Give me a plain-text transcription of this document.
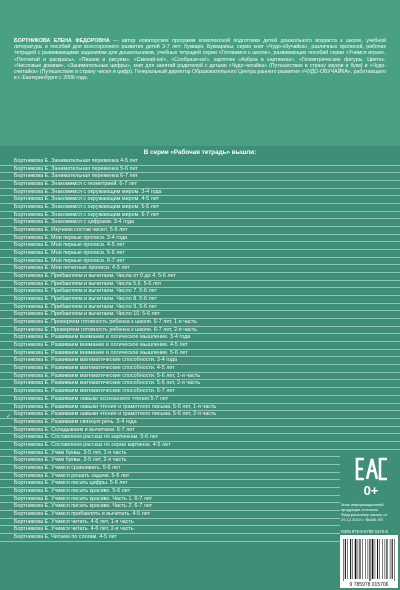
БОРТНИКОВА ЕЛЕНА ФЕДОРОВНА — автор новаторских программ комплексной подготовки детей дошкольного возраста к школе, учебной литературы и пособий для всестороннего развития детей 3-7 лет: букваря, Букварины, серии книг «Чудо-обучайка», различных прописей, рабочих тетрадей с развивающими заданиями для дошкольников, учебных тетрадей серии «Готовимся к школе», развивающих пособий серии «Учимся играя», «Посчитай и раскрась», «Пишем и рисуем», «Смекай-ка!», «Сообрази-ка!», карточек «Азбука в картинках», «Геометрические фигуры. Цвета», «Числовые домики», «Занимательные цифры», книг для занятий родителей с детьми «Чудо-читайка» (Путешествие в страну звуков и букв) и «Чудо-считайка» (Путешествие в страну чисел и цифр). Генеральный директор Образовательного Центра раннего развития «ЧУДО-ОБУЧАЙКА», работающего в г. Екатеринбурге с 2006 года.

В серии «Рабочая тетрадь» вышли:
Бортникова Е. Занимательная переменка 4-5 лет
Бортникова Е. Занимательная переменка 5-6 лет
Бортникова Е. Занимательная переменка 6-7 лет
Бортникова Е. Знакомимся с геометрией. 6-7 лет
Бортникова Е. Знакомимся с окружающим миром. 3-4 года
Бортникова Е. Знакомимся с окружающим миром. 4-5 лет
Бортникова Е. Знакомимся с окружающим миром. 5-6 лет
Бортникова Е. Знакомимся с окружающим миром. 6-7 лет
Бортникова Е. Знакомимся с цифрами. 3-4 года
Бортникова Е. Изучаем состав чисел. 5-6 лет
Бортникова Е. Мои первые прописи. 3-4 года
Бортникова Е. Мои первые прописи. 4-5 лет
Бортникова Е. Мои первые прописи. 5-6 лет
Бортникова Е. Мои первые прописи. 6-7 лет
Бортникова Е. Мои печатные прописи. 4-5 лет
Бортникова Е. Прибавляем и вычитаем. Числа от 0 до 4. 5-6 лет
Бортникова Е. Прибавляем и вычитаем. Числа 5,6. 5-6 лет
Бортникова Е. Прибавляем и вычитаем. Число 7. 5-6 лет
Бортникова Е. Прибавляем и вычитаем. Число 8. 5-6 лет
Бортникова Е. Прибавляем и вычитаем. Число 9. 5-6 лет
Бортникова Е. Прибавляем и вычитаем. Число 10. 5-6 лет
Бортникова Е. Проверяем готовность ребенка к школе. 6-7 лет, 1-я часть
Бортникова Е. Проверяем готовность ребенка к школе. 6-7 лет, 2-я часть
Бортникова Е. Развиваем внимание и логическое мышление. 3-4 года
Бортникова Е. Развиваем внимание и логическое мышление. 4-5 лет
Бортникова Е. Развиваем внимание и логическое мышление. 5-6 лет
Бортникова Е. Развиваем математические способности. 3-4 года
Бортникова Е. Развиваем математические способности. 4-5 лет
Бортникова Е. Развиваем математические способности. 5-6 лет, 1-я часть
Бортникова Е. Развиваем математические способности. 5-6 лет, 2-я часть
Бортникова Е. Развиваем математические способности. 6-7 лет
Бортникова Е. Развиваем навыки осознанного чтения 5-7 лет
Бортникова Е. Развиваем навыки чтения и грамотного письма. 5-6 лет, 1-я часть
Бортникова Е. Развиваем навыки чтения и грамотного письма. 5-6 лет, 2-я часть
Бортникова Е. Развиваем связную речь. 3-4 года
Бортникова Е. Складываем и вычитаем. 6-7 лет
Бортникова Е. Составляем рассказ по картинкам. 5-6 лет
Бортникова Е. Составляем рассказ по серии картинок. 4-5 лет
Бортникова Е. Учим буквы. 3-5 лет, 1-я часть
Бортникова Е. Учим буквы. 3-5 лет, 2-я часть
Бортникова Е. Учимся сравнивать. 5-6 лет
Бортникова Е. Учимся решать задачи. 5-6 лет
Бортникова Е. Учимся писать цифры. 5-6 лет
Бортникова Е. Учимся писать красиво. 5-6 лет
Бортникова Е. Учимся писать красиво. Часть 1. 6-7 лет
Бортникова Е. Учимся писать красиво. Часть 2. 6-7 лет
Бортникова Е. Учимся прибавлять и вычитать. 4-5 лет
Бортникова Е. Учимся читать. 4-6 лет, 1-я часть
Бортникова Е. Учимся читать. 4-6 лет, 2-я часть
Бортникова Е. Читаем по слогам. 4-5 лет
✓
0+
Знак информационной продукции согласно Федеральному закону от 29.12.2010 г. №436-ФЗ
ISBN 978-5-9780-1570-6
9 785978 015706
